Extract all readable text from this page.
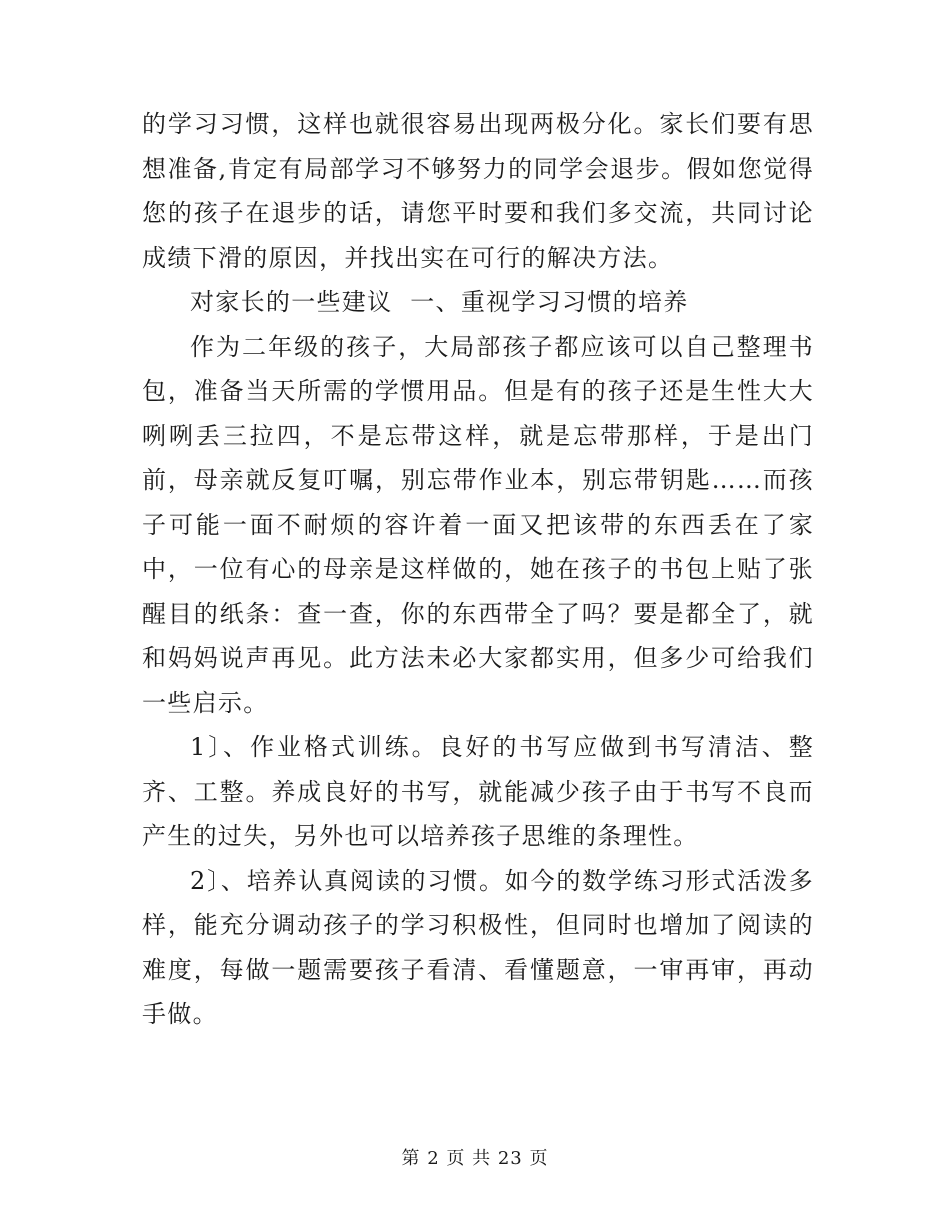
的学习习惯，这样也就很容易出现两极分化。家长们要有思想准备,肯定有局部学习不够努力的同学会退步。假如您觉得您的孩子在退步的话，请您平时要和我们多交流，共同讨论成绩下滑的原因，并找出实在可行的解决方法。

对家长的一些建议  一、重视学习习惯的培养

作为二年级的孩子，大局部孩子都应该可以自己整理书包，准备当天所需的学惯用品。但是有的孩子还是生性大大咧咧丢三拉四，不是忘带这样，就是忘带那样，于是出门前，母亲就反复叮嘱，别忘带作业本，别忘带钥匙……而孩子可能一面不耐烦的容许着一面又把该带的东西丢在了家中，一位有心的母亲是这样做的，她在孩子的书包上贴了张醒目的纸条：查一查，你的东西带全了吗？要是都全了，就和妈妈说声再见。此方法未必大家都实用，但多少可给我们一些启示。

1〕、作业格式训练。良好的书写应做到书写清洁、整齐、工整。养成良好的书写，就能减少孩子由于书写不良而产生的过失，另外也可以培养孩子思维的条理性。

2〕、培养认真阅读的习惯。如今的数学练习形式活泼多样，能充分调动孩子的学习积极性，但同时也增加了阅读的难度，每做一题需要孩子看清、看懂题意，一审再审，再动手做。

第 2 页 共 23 页
